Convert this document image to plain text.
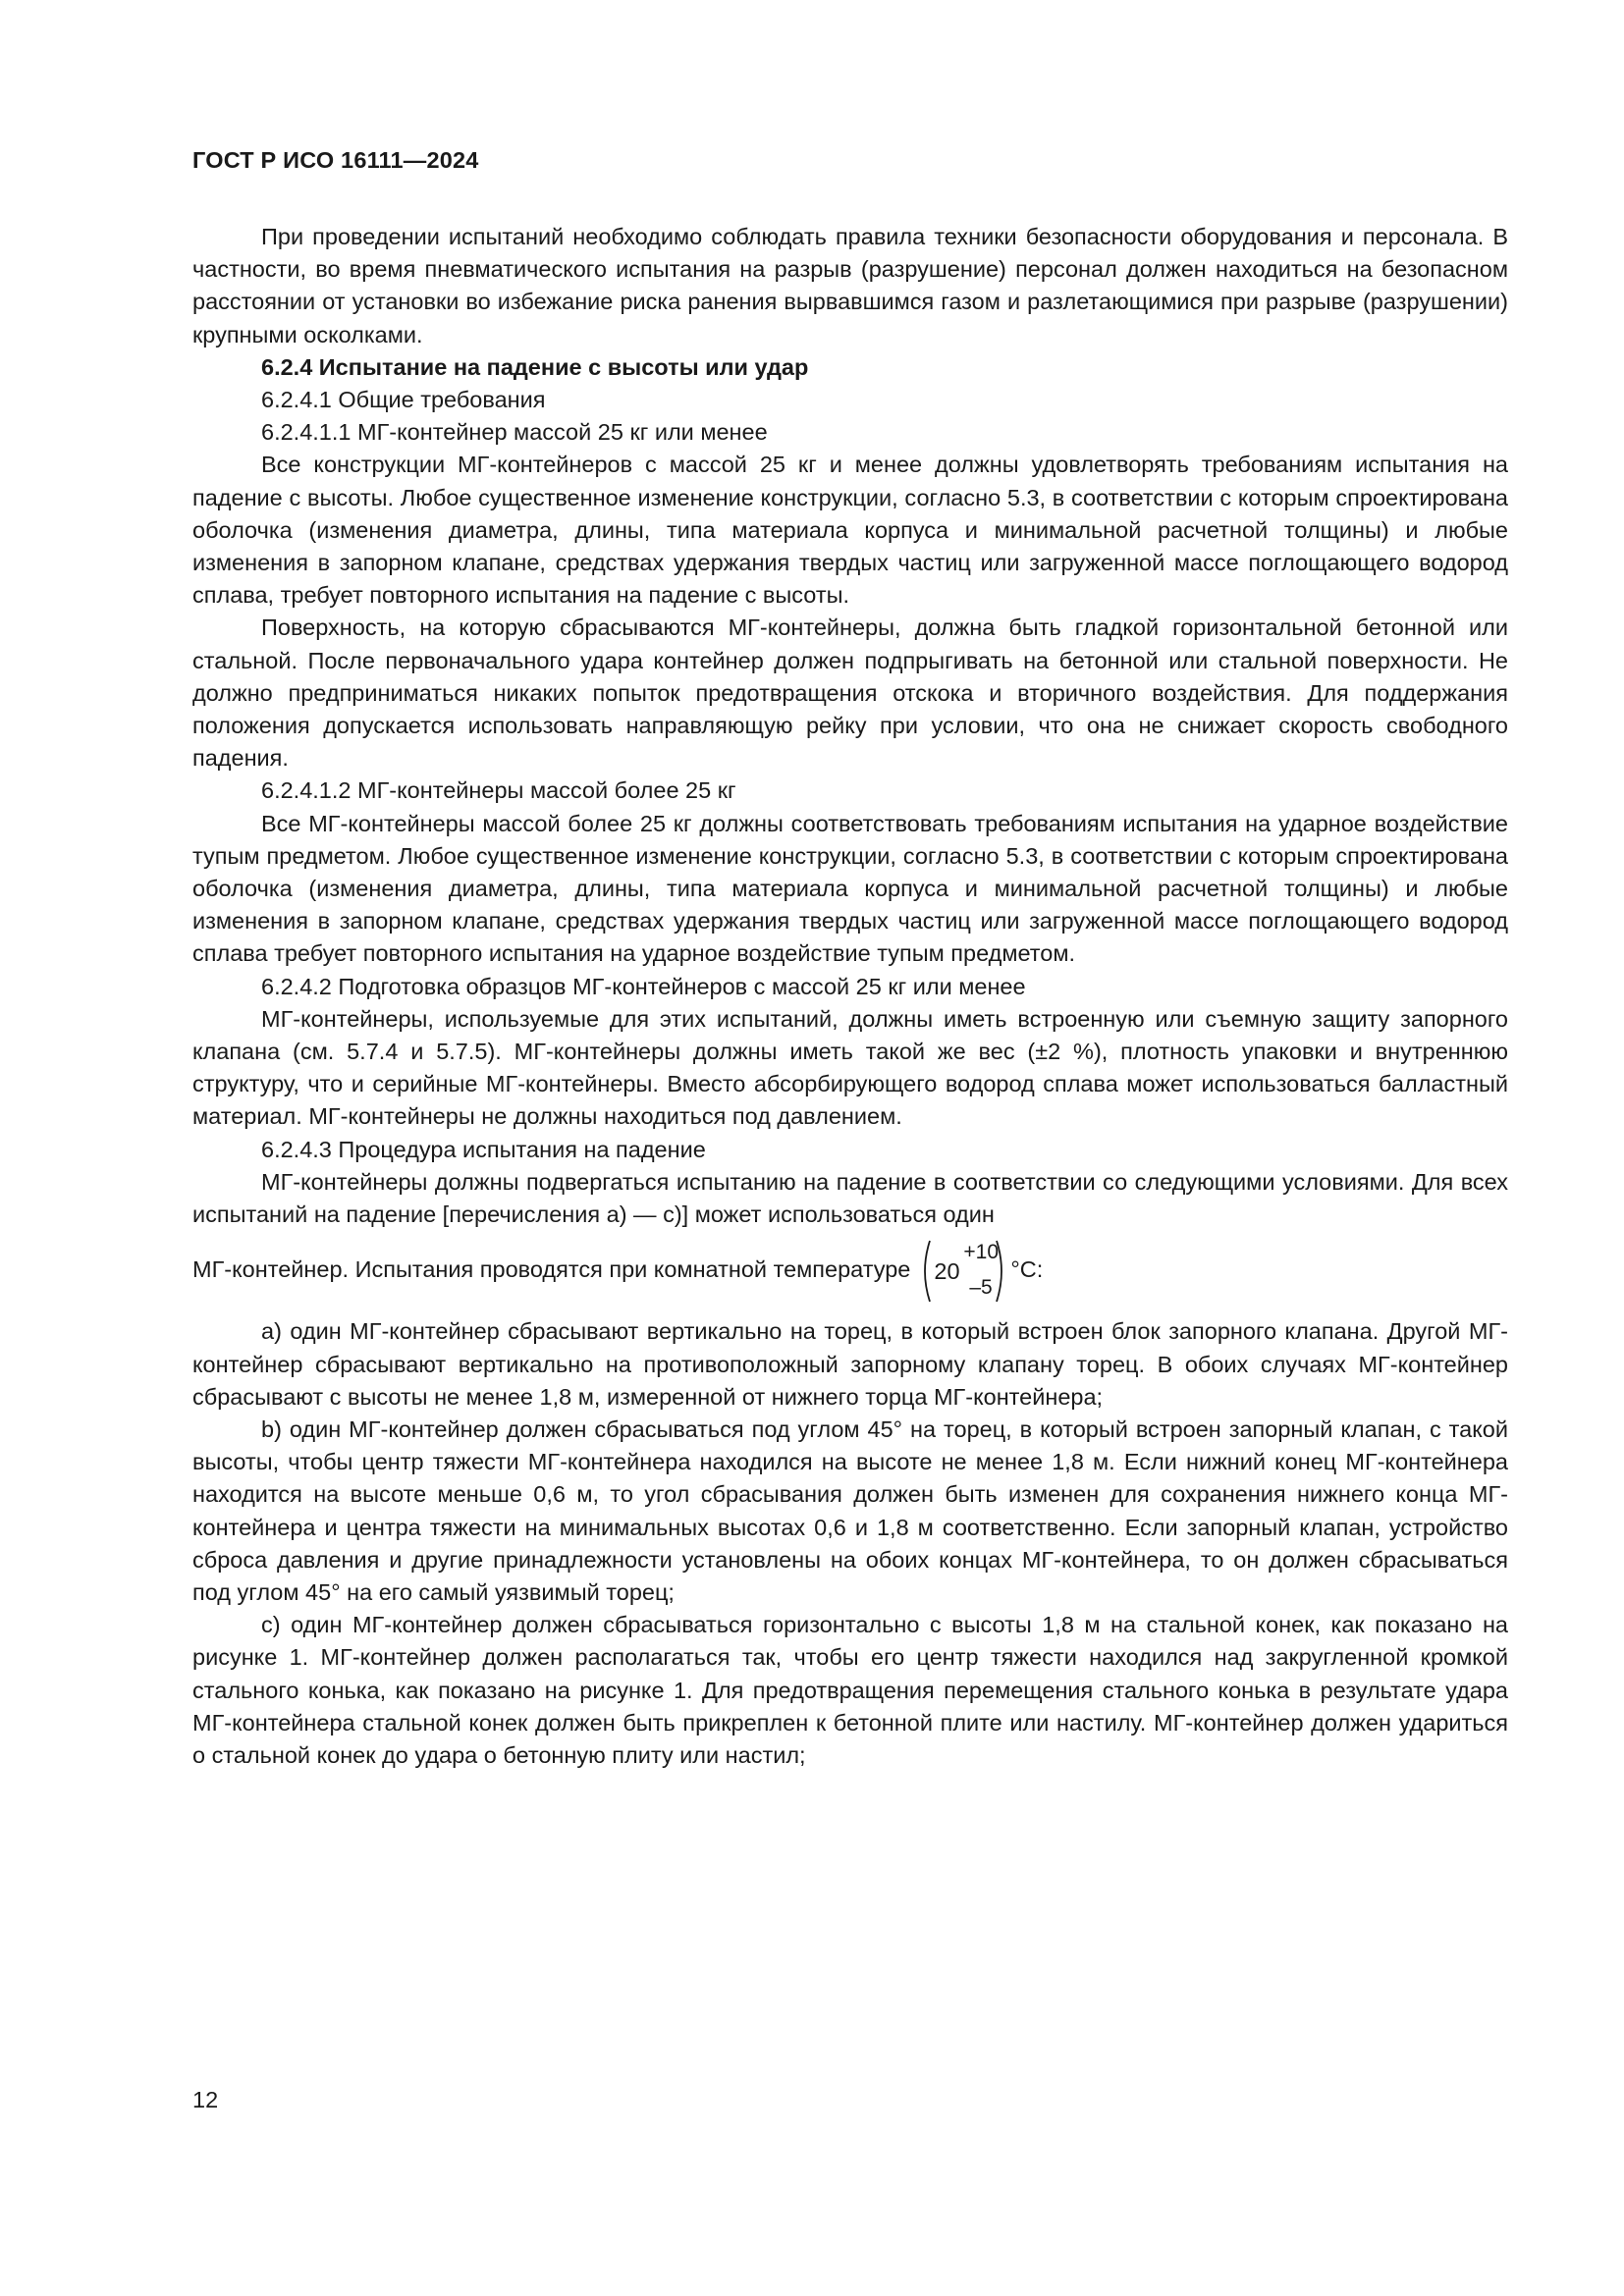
ГОСТ Р ИСО 16111—2024

При проведении испытаний необходимо соблюдать правила техники безопасности оборудования и персонала. В частности, во время пневматического испытания на разрыв (разрушение) персонал должен находиться на безопасном расстоянии от установки во избежание риска ранения вырвавшимся газом и разлетающимися при разрыве (разрушении) крупными осколками.

6.2.4 Испытание на падение с высоты или удар

6.2.4.1 Общие требования

6.2.4.1.1 МГ-контейнер массой 25 кг или менее

Все конструкции МГ-контейнеров с массой 25 кг и менее должны удовлетворять требованиям испытания на падение с высоты. Любое существенное изменение конструкции, согласно 5.3, в соответствии с которым спроектирована оболочка (изменения диаметра, длины, типа материала корпуса и минимальной расчетной толщины) и любые изменения в запорном клапане, средствах удержания твердых частиц или загруженной массе поглощающего водород сплава, требует повторного испытания на падение с высоты.

Поверхность, на которую сбрасываются МГ-контейнеры, должна быть гладкой горизонтальной бетонной или стальной. После первоначального удара контейнер должен подпрыгивать на бетонной или стальной поверхности. Не должно предприниматься никаких попыток предотвращения отскока и вторичного воздействия. Для поддержания положения допускается использовать направляющую рейку при условии, что она не снижает скорость свободного падения.

6.2.4.1.2 МГ-контейнеры массой более 25 кг

Все МГ-контейнеры массой более 25 кг должны соответствовать требованиям испытания на ударное воздействие тупым предметом. Любое существенное изменение конструкции, согласно 5.3, в соответствии с которым спроектирована оболочка (изменения диаметра, длины, типа материала корпуса и минимальной расчетной толщины) и любые изменения в запорном клапане, средствах удержания твердых частиц или загруженной массе поглощающего водород сплава требует повторного испытания на ударное воздействие тупым предметом.

6.2.4.2 Подготовка образцов МГ-контейнеров с массой 25 кг или менее

МГ-контейнеры, используемые для этих испытаний, должны иметь встроенную или съемную защиту запорного клапана (см. 5.7.4 и 5.7.5). МГ-контейнеры должны иметь такой же вес (±2 %), плотность упаковки и внутреннюю структуру, что и серийные МГ-контейнеры. Вместо абсорбирующего водород сплава может использоваться балластный материал. МГ-контейнеры не должны находиться под давлением.

6.2.4.3 Процедура испытания на падение

МГ-контейнеры должны подвергаться испытанию на падение в соответствии со следующими условиями. Для всех испытаний на падение [перечисления а) — с)] может использоваться один

МГ-контейнер. Испытания проводятся при комнатной температуре 20
+10
–5
°С:

а) один МГ-контейнер сбрасывают вертикально на торец, в который встроен блок запорного клапана. Другой МГ-контейнер сбрасывают вертикально на противоположный запорному клапану торец. В обоих случаях МГ-контейнер сбрасывают с высоты не менее 1,8 м, измеренной от нижнего торца МГ-контейнера;

b) один МГ-контейнер должен сбрасываться под углом 45° на торец, в который встроен запорный клапан, с такой высоты, чтобы центр тяжести МГ-контейнера находился на высоте не менее 1,8 м. Если нижний конец МГ-контейнера находится на высоте меньше 0,6 м, то угол сбрасывания должен быть изменен для сохранения нижнего конца МГ-контейнера и центра тяжести на минимальных высотах 0,6 и 1,8 м соответственно. Если запорный клапан, устройство сброса давления и другие принадлежности установлены на обоих концах МГ-контейнера, то он должен сбрасываться под углом 45° на его самый уязвимый торец;

с) один МГ-контейнер должен сбрасываться горизонтально с высоты 1,8 м на стальной конек, как показано на рисунке 1. МГ-контейнер должен располагаться так, чтобы его центр тяжести находился над закругленной кромкой стального конька, как показано на рисунке 1. Для предотвращения перемещения стального конька в результате удара МГ-контейнера стальной конек должен быть прикреплен к бетонной плите или настилу. МГ-контейнер должен удариться о стальной конек до удара о бетонную плиту или настил;

12
